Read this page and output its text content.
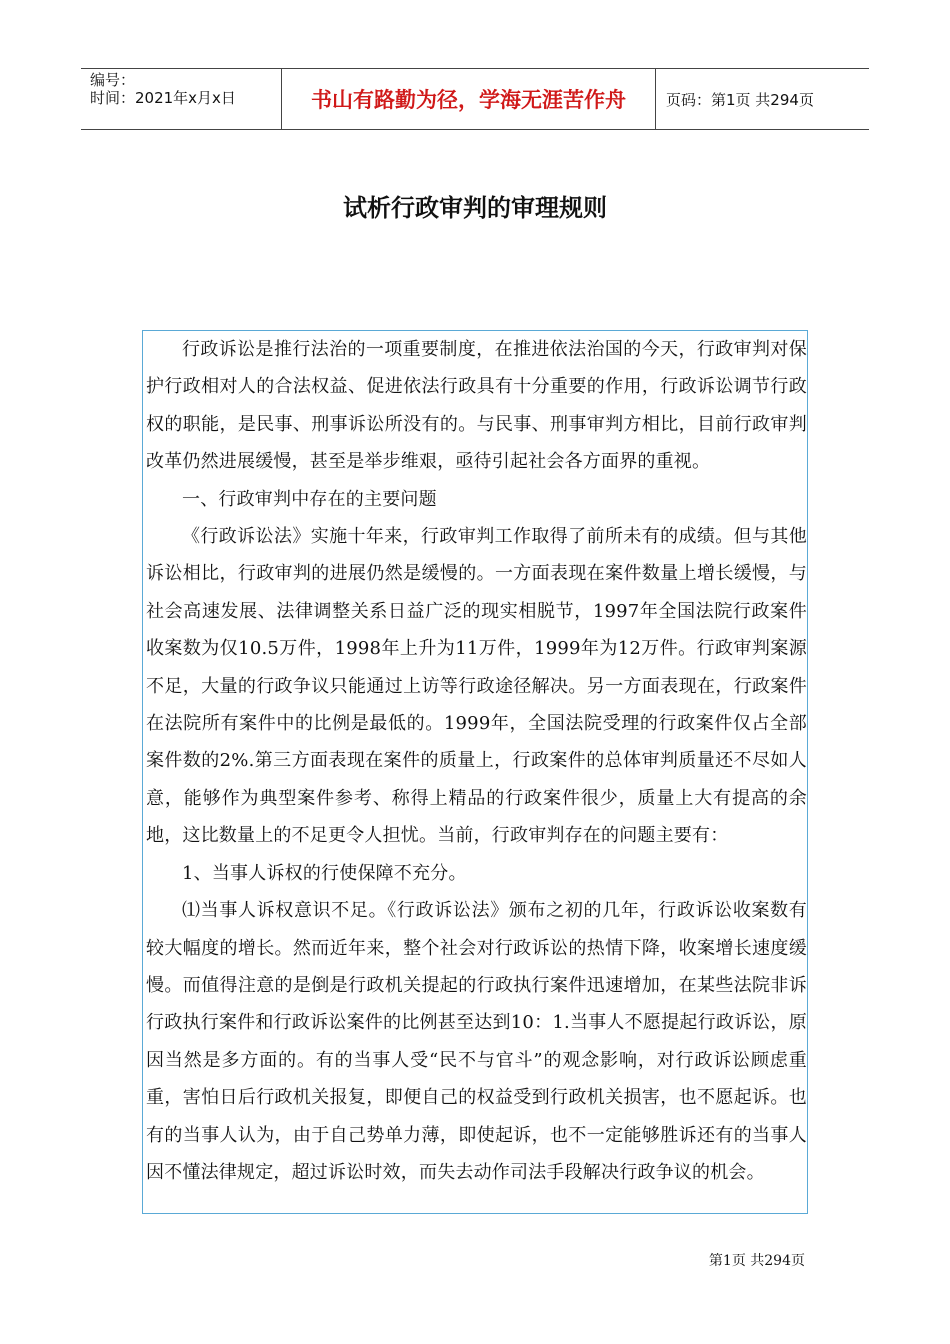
编号：
时间：2021年x月x日	书山有路勤为径，学海无涯苦作舟	页码：第1页 共294页
试析行政审判的审理规则

行政诉讼是推行法治的一项重要制度，在推进依法治国的今天，行政审判对保护行政相对人的合法权益、促进依法行政具有十分重要的作用，行政诉讼调节行政权的职能，是民事、刑事诉讼所没有的。与民事、刑事审判方相比，目前行政审判改革仍然进展缓慢，甚至是举步维艰，亟待引起社会各方面界的重视。

一、行政审判中存在的主要问题

《行政诉讼法》实施十年来，行政审判工作取得了前所未有的成绩。但与其他诉讼相比，行政审判的进展仍然是缓慢的。一方面表现在案件数量上增长缓慢，与社会高速发展、法律调整关系日益广泛的现实相脱节，1997年全国法院行政案件收案数为仅10.5万件，1998年上升为11万件，1999年为12万件。行政审判案源不足，大量的行政争议只能通过上访等行政途径解决。另一方面表现在，行政案件在法院所有案件中的比例是最低的。1999年，全国法院受理的行政案件仅占全部案件数的2%.第三方面表现在案件的质量上，行政案件的总体审判质量还不尽如人意，能够作为典型案件参考、称得上精品的行政案件很少，质量上大有提高的余地，这比数量上的不足更令人担忧。当前，行政审判存在的问题主要有：

1、当事人诉权的行使保障不充分。

⑴当事人诉权意识不足。《行政诉讼法》颁布之初的几年，行政诉讼收案数有较大幅度的增长。然而近年来，整个社会对行政诉讼的热情下降，收案增长速度缓慢。而值得注意的是倒是行政机关提起的行政执行案件迅速增加，在某些法院非诉行政执行案件和行政诉讼案件的比例甚至达到10：1.当事人不愿提起行政诉讼，原因当然是多方面的。有的当事人受“民不与官斗”的观念影响，对行政诉讼顾虑重重，害怕日后行政机关报复，即便自己的权益受到行政机关损害，也不愿起诉。也有的当事人认为，由于自己势单力薄，即使起诉，也不一定能够胜诉还有的当事人因不懂法律规定，超过诉讼时效，而失去动作司法手段解决行政争议的机会。

第1页 共294页
